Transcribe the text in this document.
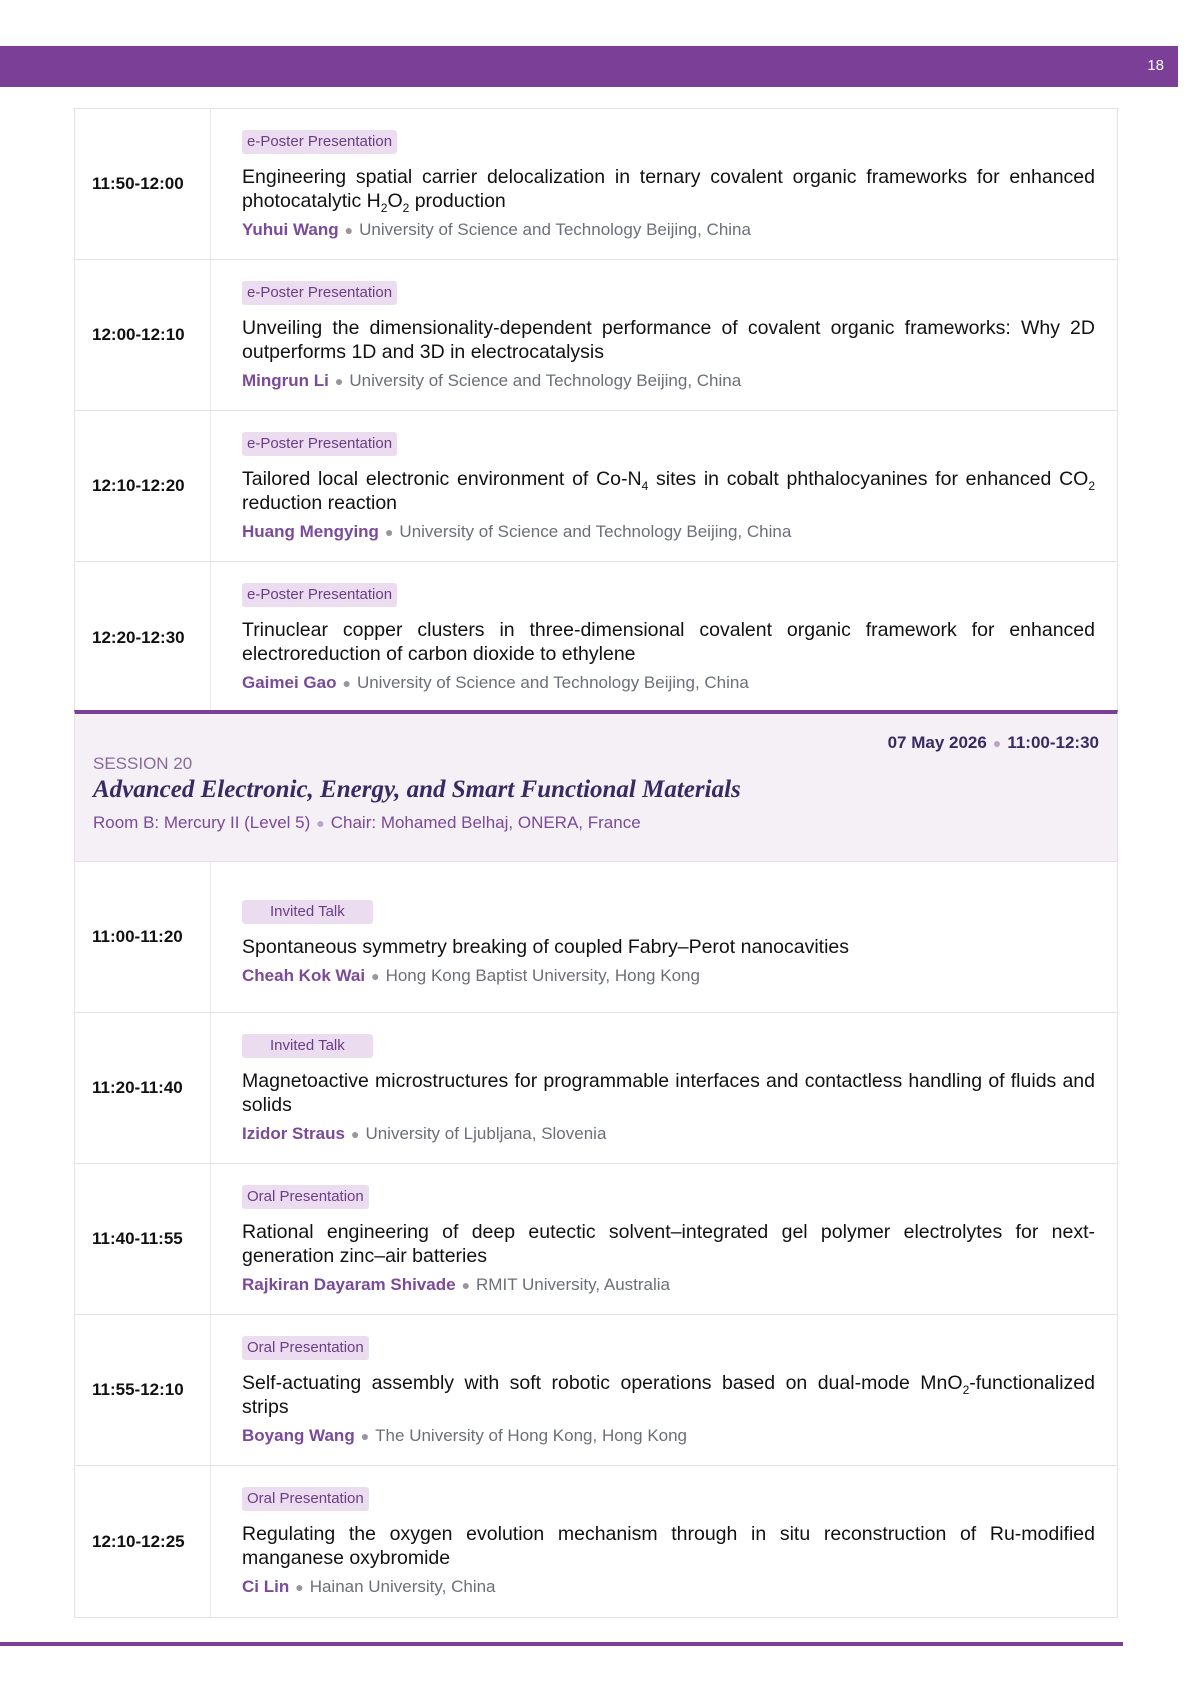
18
11:50-12:00
e-Poster Presentation
Engineering spatial carrier delocalization in ternary covalent organic frameworks for enhanced photocatalytic $H_2O_2$ production
Yuhui Wang ● University of Science and Technology Beijing, China
12:00-12:10
e-Poster Presentation
Unveiling the dimensionality-dependent performance of covalent organic frameworks: Why 2D outperforms 1D and 3D in electrocatalysis
Mingrun Li ● University of Science and Technology Beijing, China
12:10-12:20
e-Poster Presentation
Tailored local electronic environment of $Co-N_4$ sites in cobalt phthalocyanines for enhanced $CO_2$ reduction reaction
Huang Mengying ● University of Science and Technology Beijing, China
12:20-12:30
e-Poster Presentation
Trinuclear copper clusters in three-dimensional covalent organic framework for enhanced electroreduction of carbon dioxide to ethylene
Gaimei Gao ● University of Science and Technology Beijing, China
07 May 2026 ● 11:00-12:30
SESSION 20
Advanced Electronic, Energy, and Smart Functional Materials
Room B: Mercury II (Level 5) ● Chair: Mohamed Belhaj, ONERA, France
11:00-11:20
Invited Talk
Spontaneous symmetry breaking of coupled Fabry–Perot nanocavities
Cheah Kok Wai ● Hong Kong Baptist University, Hong Kong
11:20-11:40
Invited Talk
Magnetoactive microstructures for programmable interfaces and contactless handling of fluids and solids
Izidor Straus ● University of Ljubljana, Slovenia
11:40-11:55
Oral Presentation
Rational engineering of deep eutectic solvent–integrated gel polymer electrolytes for next-generation zinc–air batteries
Rajkiran Dayaram Shivade ● RMIT University, Australia
11:55-12:10
Oral Presentation
Self-actuating assembly with soft robotic operations based on dual-mode MnO$_2$-functionalized strips
Boyang Wang ● The University of Hong Kong, Hong Kong
12:10-12:25
Oral Presentation
Regulating the oxygen evolution mechanism through in situ reconstruction of Ru-modified manganese oxybromide
Ci Lin ● Hainan University, China
